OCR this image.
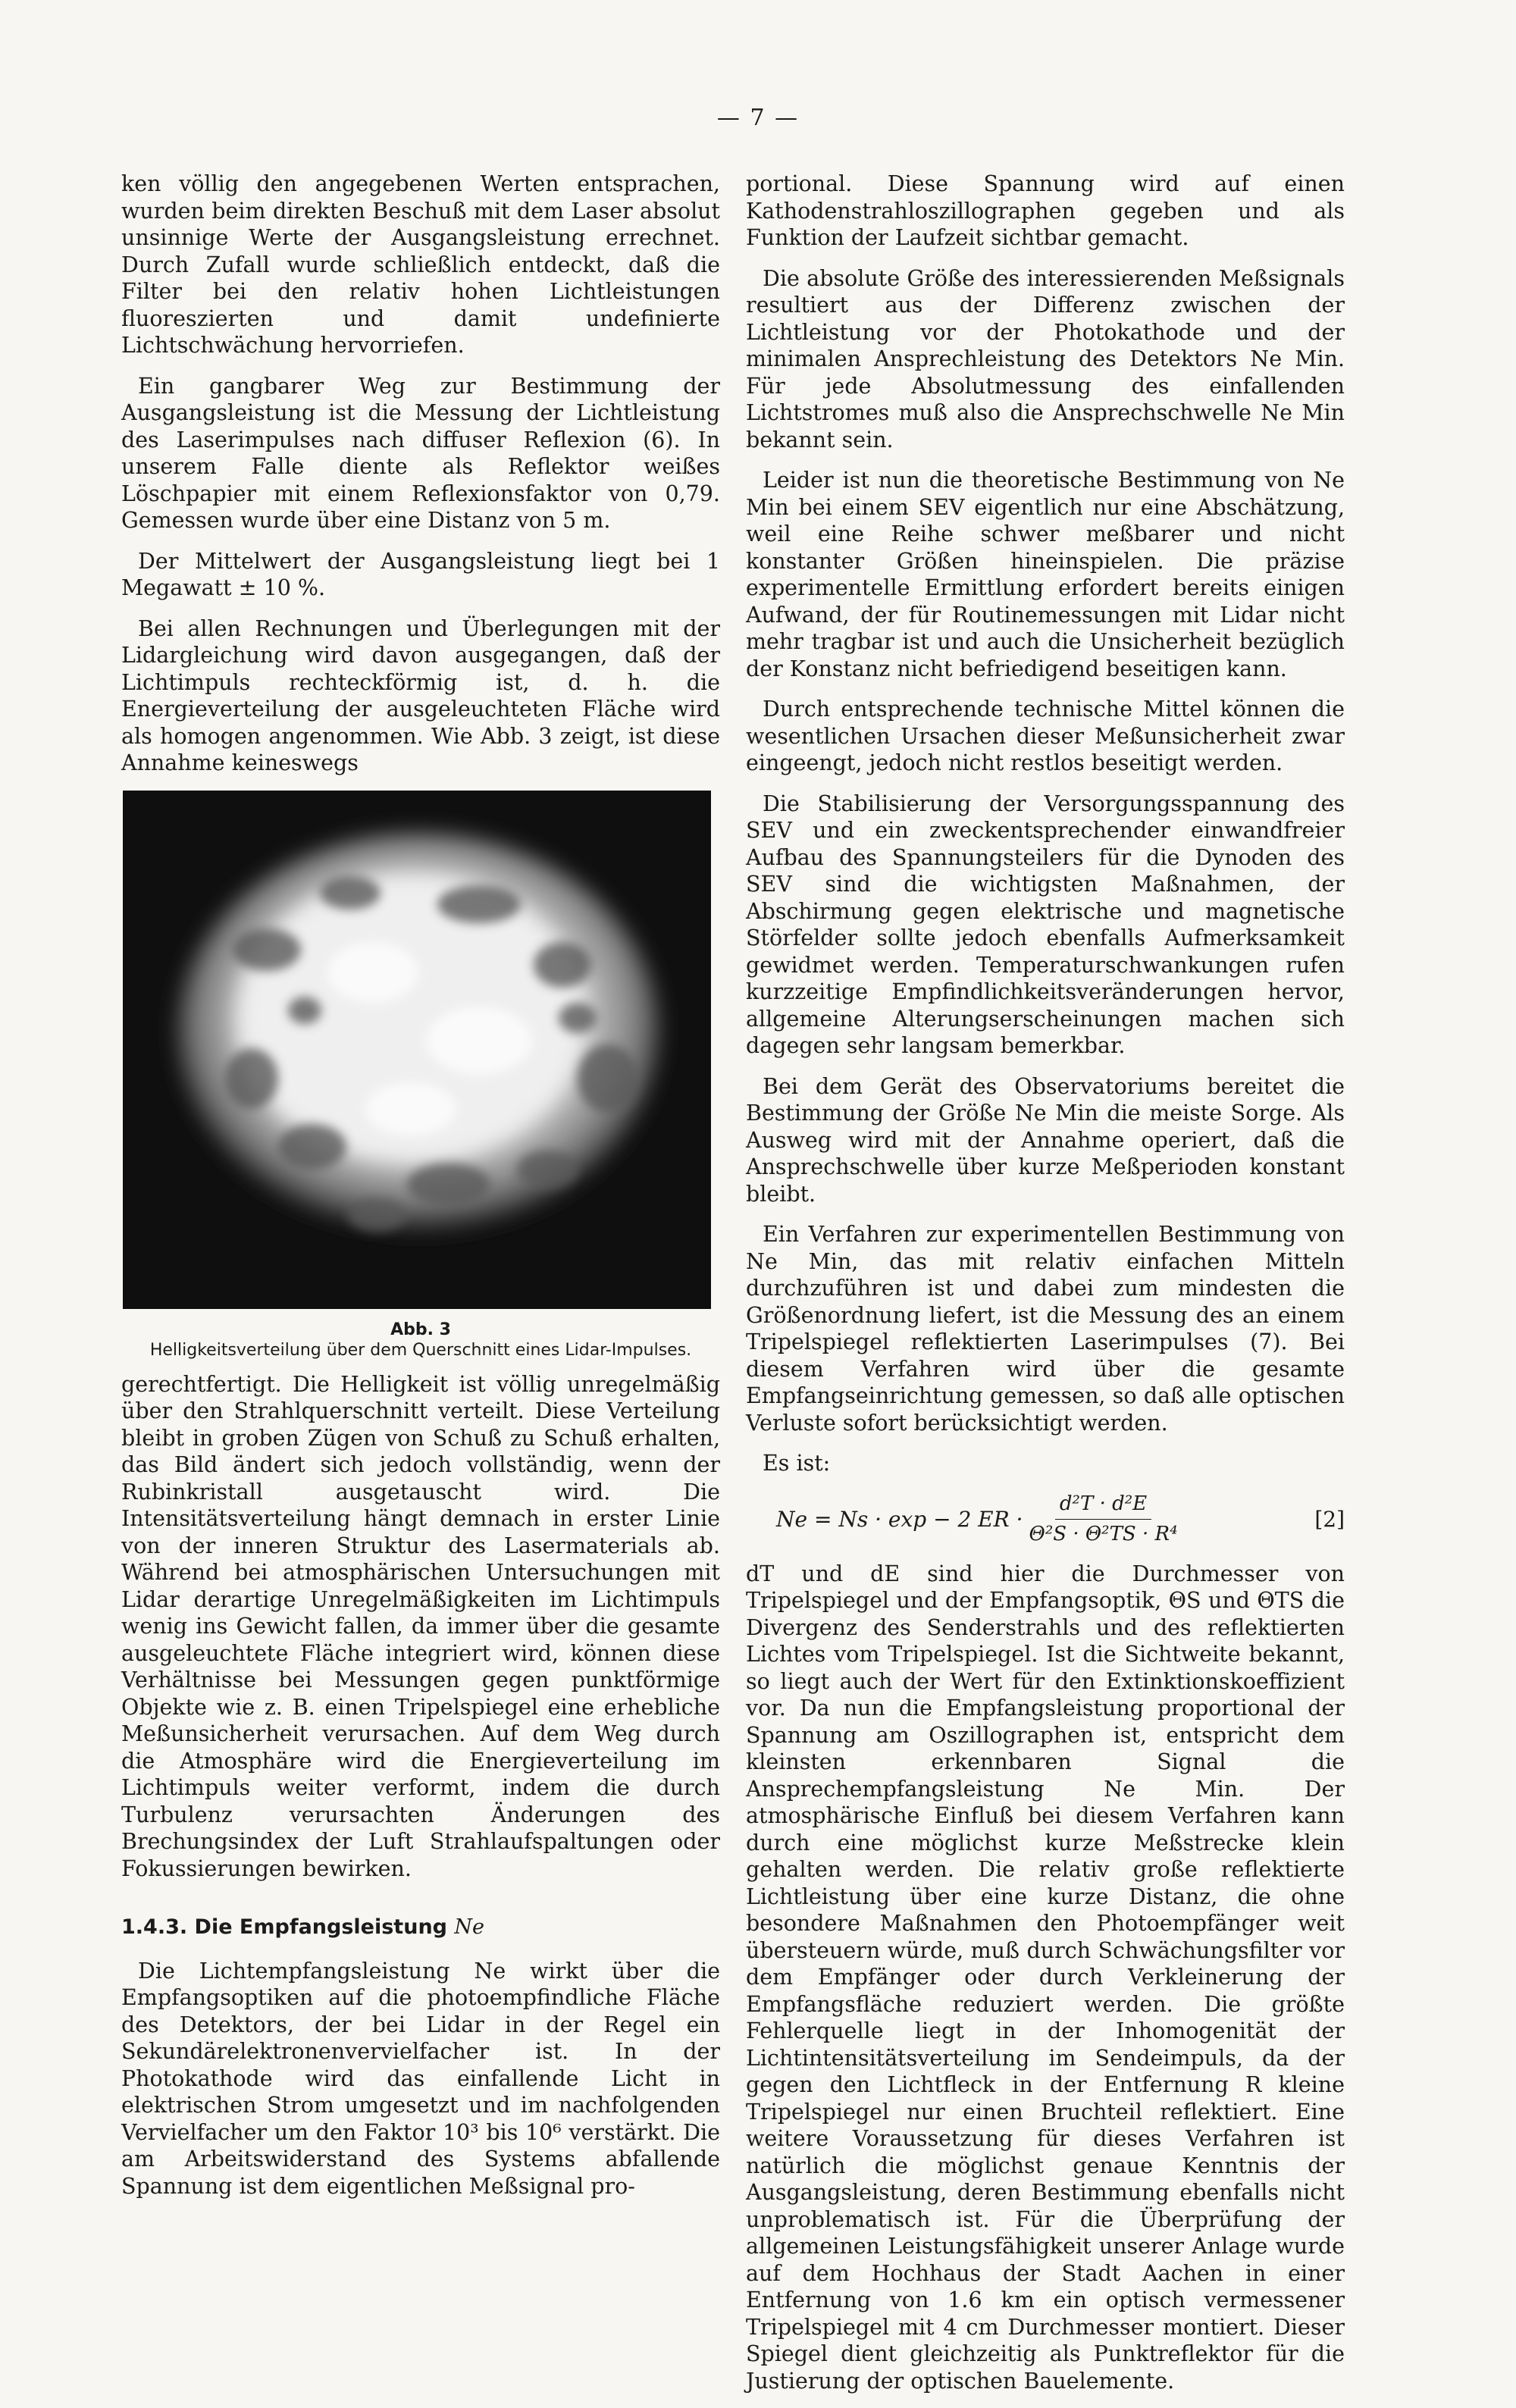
— 7 —

ken völlig den angegebenen Werten entsprachen, wurden beim direkten Beschuß mit dem Laser absolut unsinnige Werte der Ausgangsleistung errechnet. Durch Zufall wurde schließlich entdeckt, daß die Filter bei den relativ hohen Lichtleistungen fluoreszierten und damit undefinierte Lichtschwächung hervorriefen.

Ein gangbarer Weg zur Bestimmung der Ausgangsleistung ist die Messung der Lichtleistung des Laserimpulses nach diffuser Reflexion (6). In unserem Falle diente als Reflektor weißes Löschpapier mit einem Reflexionsfaktor von 0,79. Gemessen wurde über eine Distanz von 5 m.

Der Mittelwert der Ausgangsleistung liegt bei 1 Megawatt ± 10 %.

Bei allen Rechnungen und Überlegungen mit der Lidargleichung wird davon ausgegangen, daß der Lichtimpuls rechteckförmig ist, d. h. die Energieverteilung der ausgeleuchteten Fläche wird als homogen angenommen. Wie Abb. 3 zeigt, ist diese Annahme keineswegs

Abb. 3
Helligkeitsverteilung über dem Querschnitt eines Lidar-Impulses.

gerechtfertigt. Die Helligkeit ist völlig unregelmäßig über den Strahlquerschnitt verteilt. Diese Verteilung bleibt in groben Zügen von Schuß zu Schuß erhalten, das Bild ändert sich jedoch vollständig, wenn der Rubinkristall ausgetauscht wird. Die Intensitätsverteilung hängt demnach in erster Linie von der inneren Struktur des Lasermaterials ab. Während bei atmosphärischen Untersuchungen mit Lidar derartige Unregelmäßigkeiten im Lichtimpuls wenig ins Gewicht fallen, da immer über die gesamte ausgeleuchtete Fläche integriert wird, können diese Verhältnisse bei Messungen gegen punktförmige Objekte wie z. B. einen Tripelspiegel eine erhebliche Meßunsicherheit verursachen. Auf dem Weg durch die Atmosphäre wird die Energieverteilung im Lichtimpuls weiter verformt, indem die durch Turbulenz verursachten Änderungen des Brechungsindex der Luft Strahlaufspaltungen oder Fokussierungen bewirken.

1.4.3. Die Empfangsleistung Ne

Die Lichtempfangsleistung Ne wirkt über die Empfangsoptiken auf die photoempfindliche Fläche des Detektors, der bei Lidar in der Regel ein Sekundärelektronenvervielfacher ist. In der Photokathode wird das einfallende Licht in elektrischen Strom umgesetzt und im nachfolgenden Vervielfacher um den Faktor 10³ bis 10⁶ verstärkt. Die am Arbeitswiderstand des Systems abfallende Spannung ist dem eigentlichen Meßsignal pro-

portional. Diese Spannung wird auf einen Kathodenstrahloszillographen gegeben und als Funktion der Laufzeit sichtbar gemacht.

Die absolute Größe des interessierenden Meßsignals resultiert aus der Differenz zwischen der Lichtleistung vor der Photokathode und der minimalen Ansprechleistung des Detektors Ne Min. Für jede Absolutmessung des einfallenden Lichtstromes muß also die Ansprechschwelle Ne Min bekannt sein.

Leider ist nun die theoretische Bestimmung von Ne Min bei einem SEV eigentlich nur eine Abschätzung, weil eine Reihe schwer meßbarer und nicht konstanter Größen hineinspielen. Die präzise experimentelle Ermittlung erfordert bereits einigen Aufwand, der für Routinemessungen mit Lidar nicht mehr tragbar ist und auch die Unsicherheit bezüglich der Konstanz nicht befriedigend beseitigen kann.

Durch entsprechende technische Mittel können die wesentlichen Ursachen dieser Meßunsicherheit zwar eingeengt, jedoch nicht restlos beseitigt werden.

Die Stabilisierung der Versorgungsspannung des SEV und ein zweckentsprechender einwandfreier Aufbau des Spannungsteilers für die Dynoden des SEV sind die wichtigsten Maßnahmen, der Abschirmung gegen elektrische und magnetische Störfelder sollte jedoch ebenfalls Aufmerksamkeit gewidmet werden. Temperaturschwankungen rufen kurzzeitige Empfindlichkeitsveränderungen hervor, allgemeine Alterungserscheinungen machen sich dagegen sehr langsam bemerkbar.

Bei dem Gerät des Observatoriums bereitet die Bestimmung der Größe Ne Min die meiste Sorge. Als Ausweg wird mit der Annahme operiert, daß die Ansprechschwelle über kurze Meßperioden konstant bleibt.

Ein Verfahren zur experimentellen Bestimmung von Ne Min, das mit relativ einfachen Mitteln durchzuführen ist und dabei zum mindesten die Größenordnung liefert, ist die Messung des an einem Tripelspiegel reflektierten Laserimpulses (7). Bei diesem Verfahren wird über die gesamte Empfangseinrichtung gemessen, so daß alle optischen Verluste sofort berücksichtigt werden.

Es ist:

Ne = Ns · exp − 2 ER · $\frac{\text{d²T · d²E}}{\text{Θ²S · Θ²TS · R⁴}}$	[2]

dT und dE sind hier die Durchmesser von Tripelspiegel und der Empfangsoptik, ΘS und ΘTS die Divergenz des Senderstrahls und des reflektierten Lichtes vom Tripelspiegel. Ist die Sichtweite bekannt, so liegt auch der Wert für den Extinktionskoeffizient vor. Da nun die Empfangsleistung proportional der Spannung am Oszillographen ist, entspricht dem kleinsten erkennbaren Signal die Ansprechempfangsleistung Ne Min. Der atmosphärische Einfluß bei diesem Verfahren kann durch eine möglichst kurze Meßstrecke klein gehalten werden. Die relativ große reflektierte Lichtleistung über eine kurze Distanz, die ohne besondere Maßnahmen den Photoempfänger weit übersteuern würde, muß durch Schwächungsfilter vor dem Empfänger oder durch Verkleinerung der Empfangsfläche reduziert werden. Die größte Fehlerquelle liegt in der Inhomogenität der Lichtintensitätsverteilung im Sendeimpuls, da der gegen den Lichtfleck in der Entfernung R kleine Tripelspiegel nur einen Bruchteil reflektiert. Eine weitere Voraussetzung für dieses Verfahren ist natürlich die möglichst genaue Kenntnis der Ausgangsleistung, deren Bestimmung ebenfalls nicht unproblematisch ist. Für die Überprüfung der allgemeinen Leistungsfähigkeit unserer Anlage wurde auf dem Hochhaus der Stadt Aachen in einer Entfernung von 1.6 km ein optisch vermessener Tripelspiegel mit 4 cm Durchmesser montiert. Dieser Spiegel dient gleichzeitig als Punktreflektor für die Justierung der optischen Bauelemente.
